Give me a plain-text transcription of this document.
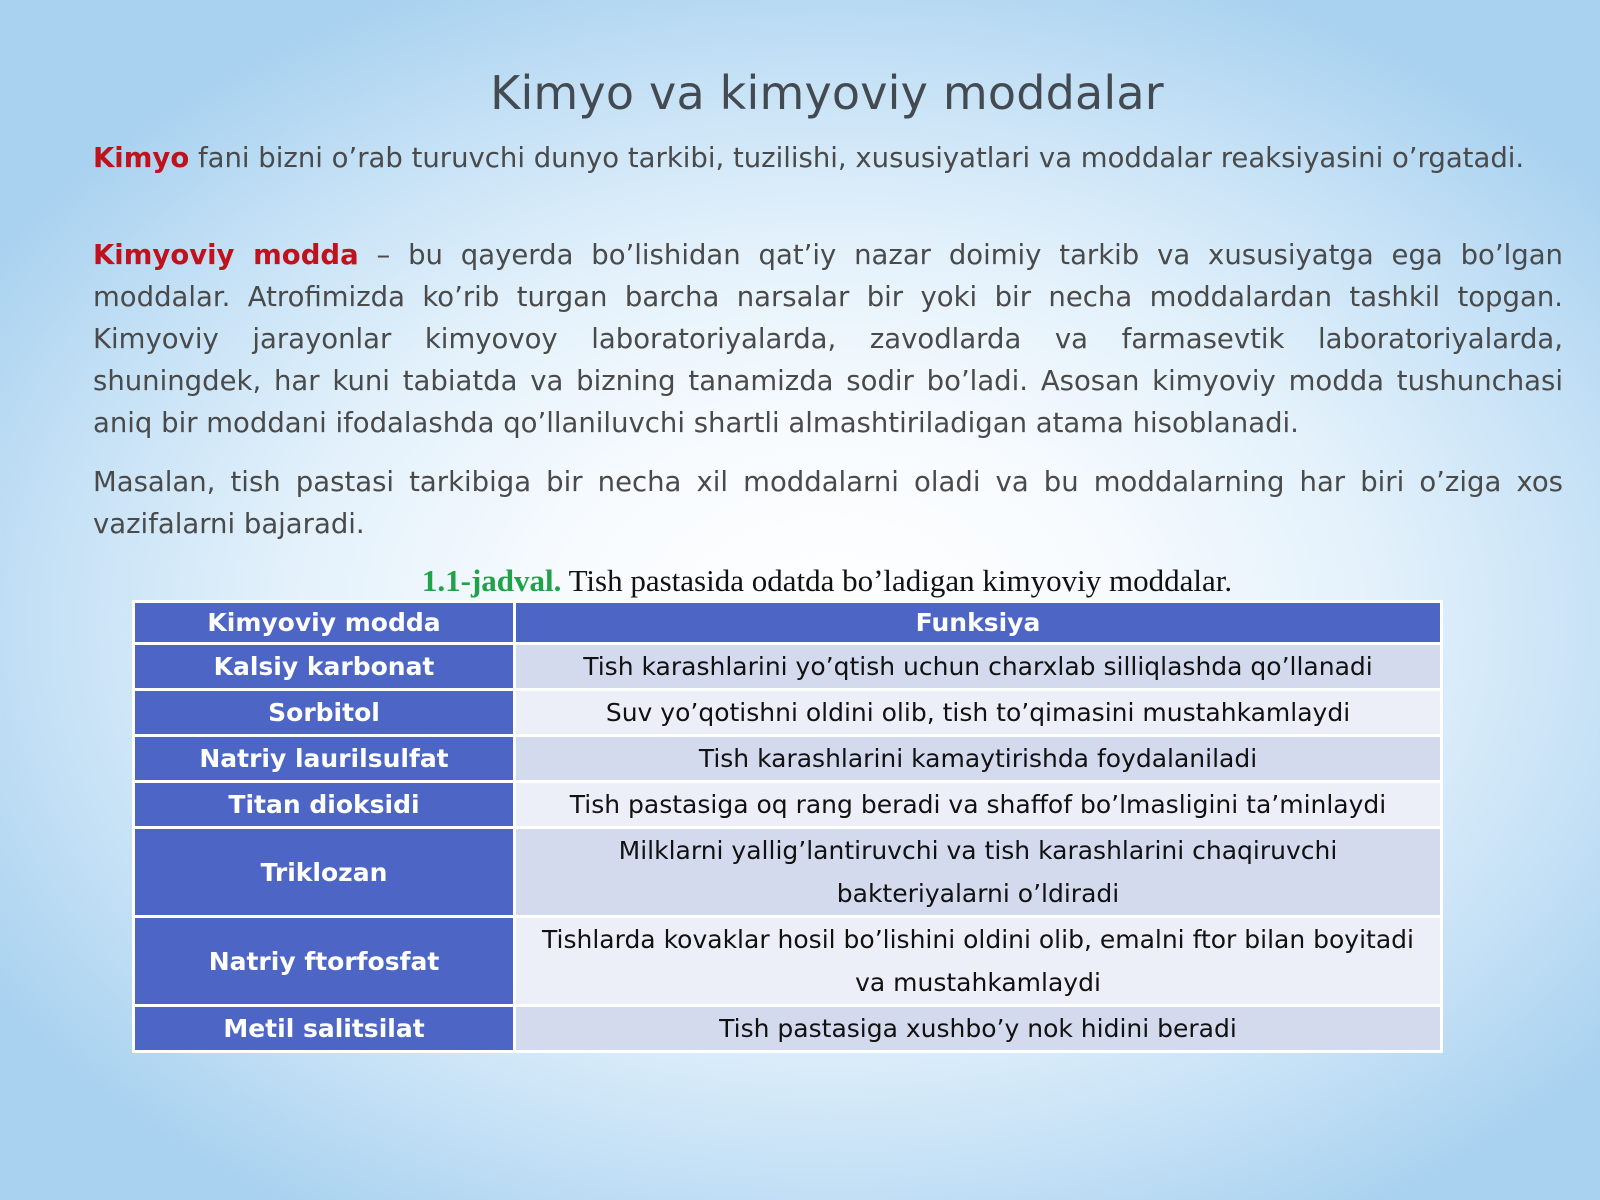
Kimyo va kimyoviy moddalar

Kimyo fani bizni o’rab turuvchi dunyo tarkibi, tuzilishi, xususiyatlari va moddalar reaksiyasini o’rgatadi.

Kimyoviy modda – bu qayerda bo’lishidan qat’iy nazar doimiy tarkib va xususiyatga ega bo’lgan moddalar. Atrofimizda ko’rib turgan barcha narsalar bir yoki bir necha moddalardan tashkil topgan. Kimyoviy jarayonlar kimyovoy laboratoriyalarda, zavodlarda va farmasevtik laboratoriyalarda, shuningdek, har kuni tabiatda va bizning tanamizda sodir bo’ladi. Asosan kimyoviy modda tushunchasi aniq bir moddani ifodalashda qo’llaniluvchi shartli almashtiriladigan atama hisoblanadi.

Masalan, tish pastasi tarkibiga bir necha xil moddalarni oladi va bu moddalarning har biri o’ziga xos vazifalarni bajaradi.

1.1-jadval. Tish pastasida odatda boʼladigan kimyoviy moddalar.
Kimyoviy modda	Funksiya
Kalsiy karbonat	Tish karashlarini yo’qtish uchun charxlab silliqlashda qo’llanadi
Sorbitol	Suv yo’qotishni oldini olib, tish to’qimasini mustahkamlaydi
Natriy laurilsulfat	Tish karashlarini kamaytirishda foydalaniladi
Titan dioksidi	Tish pastasiga oq rang beradi va shaffof bo’lmasligini ta’minlaydi
Triklozan	Milklarni yallig’lantiruvchi va tish karashlarini chaqiruvchi bakteriyalarni o’ldiradi
Natriy ftorfosfat	Tishlarda kovaklar hosil bo’lishini oldini olib, emalni ftor bilan boyitadi va mustahkamlaydi
Metil salitsilat	Tish pastasiga xushbo’y nok hidini beradi
